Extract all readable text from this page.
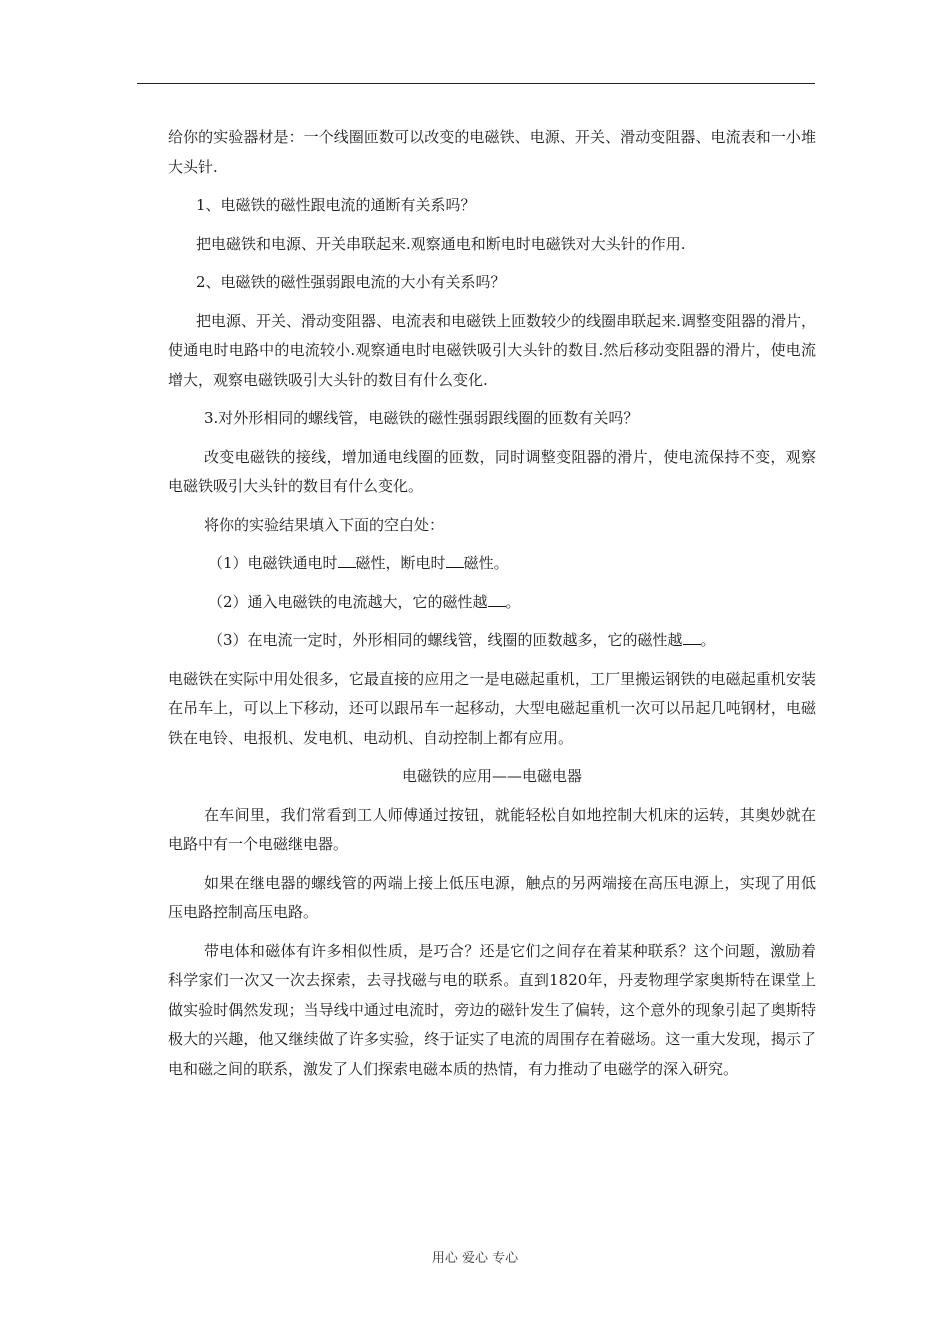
给你的实验器材是：一个线圈匝数可以改变的电磁铁、电源、开关、滑动变阻器、电流表和一小堆大头针.

1、电磁铁的磁性跟电流的通断有关系吗？

把电磁铁和电源、开关串联起来.观察通电和断电时电磁铁对大头针的作用.

2、电磁铁的磁性强弱跟电流的大小有关系吗？

把电源、开关、滑动变阻器、电流表和电磁铁上匝数较少的线圈串联起来.调整变阻器的滑片，使通电时电路中的电流较小.观察通电时电磁铁吸引大头针的数目.然后移动变阻器的滑片，使电流增大，观察电磁铁吸引大头针的数目有什么变化.

3.对外形相同的螺线管，电磁铁的磁性强弱跟线圈的匝数有关吗？

改变电磁铁的接线，增加通电线圈的匝数，同时调整变阻器的滑片，使电流保持不变，观察电磁铁吸引大头针的数目有什么变化。

将你的实验结果填入下面的空白处：

（1）电磁铁通电时 磁性，断电时 磁性。

（2）通入电磁铁的电流越大，它的磁性越 。

（3）在电流一定时，外形相同的螺线管，线圈的匝数越多，它的磁性越 。

电磁铁在实际中用处很多，它最直接的应用之一是电磁起重机，工厂里搬运钢铁的电磁起重机安装在吊车上，可以上下移动，还可以跟吊车一起移动，大型电磁起重机一次可以吊起几吨钢材，电磁铁在电铃、电报机、发电机、电动机、自动控制上都有应用。

电磁铁的应用——电磁电器

在车间里，我们常看到工人师傅通过按钮，就能轻松自如地控制大机床的运转，其奥妙就在电路中有一个电磁继电器。

如果在继电器的螺线管的两端上接上低压电源，触点的另两端接在高压电源上，实现了用低压电路控制高压电路。

带电体和磁体有许多相似性质，是巧合？还是它们之间存在着某种联系？这个问题，激励着科学家们一次又一次去探索，去寻找磁与电的联系。直到1820年，丹麦物理学家奥斯特在课堂上做实验时偶然发现；当导线中通过电流时，旁边的磁针发生了偏转，这个意外的现象引起了奥斯特极大的兴趣，他又继续做了许多实验，终于证实了电流的周围存在着磁场。这一重大发现，揭示了电和磁之间的联系，激发了人们探索电磁本质的热情，有力推动了电磁学的深入研究。

用心 爱心 专心
